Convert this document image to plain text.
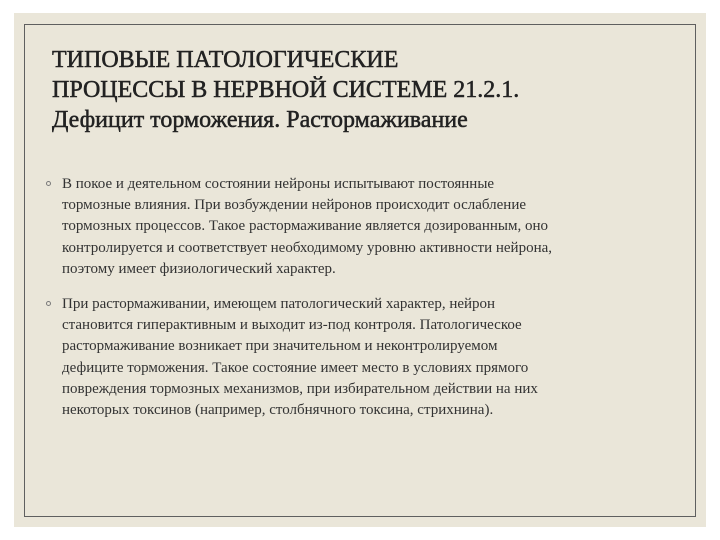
ТИПОВЫЕ ПАТОЛОГИЧЕСКИЕ
ПРОЦЕССЫ В НЕРВНОЙ СИСТЕМЕ 21.2.1.
Дефицит торможения. Растормаживание
В покое и деятельном состоянии нейроны испытывают постоянные
тормозные влияния. При возбуждении нейронов происходит ослабление
тормозных процессов. Такое растормаживание является дозированным, оно
контролируется и соответствует необходимому уровню активности нейрона,
поэтому имеет физиологический характер.
При растормаживании, имеющем патологический характер, нейрон
становится гиперактивным и выходит из-под контроля. Патологическое
растормаживание возникает при значительном и неконтролируемом
дефиците торможения. Такое состояние имеет место в условиях прямого
повреждения тормозных механизмов, при избирательном действии на них
некоторых токсинов (например, столбнячного токсина, стрихнина).
